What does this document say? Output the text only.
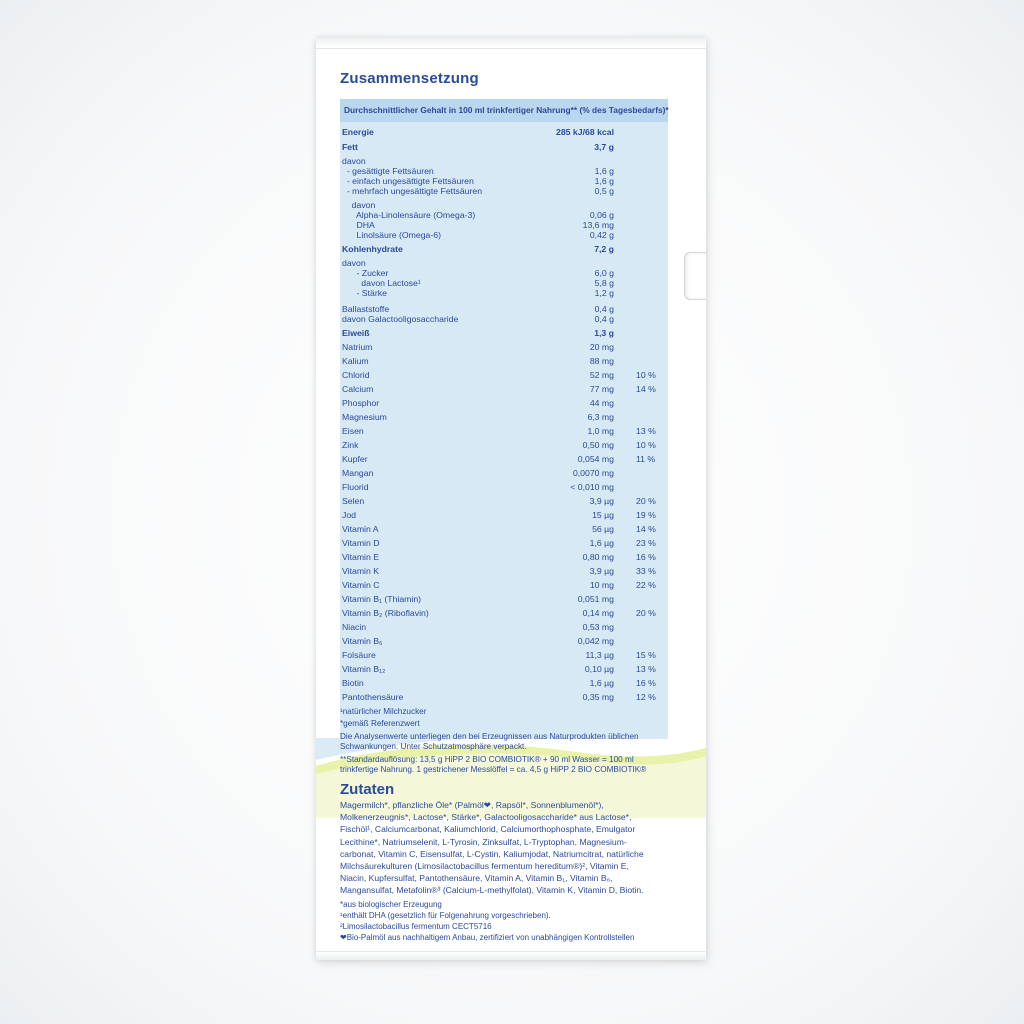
Zusammensetzung
Durchschnittlicher Gehalt in 100 ml trinkfertiger Nahrung** (% des Tagesbedarfs)*
Energie	285 kJ/68 kcal
Fett	3,7 g
davon
- gesättigte Fettsäuren	1,6 g
- einfach ungesättigte Fettsäuren	1,6 g
- mehrfach ungesättigte Fettsäuren	0,5 g
davon
Alpha-Linolensäure (Omega-3)	0,06 g
DHA	13,6 mg
Linolsäure (Omega-6)	0,42 g
Kohlenhydrate	7,2 g
davon
- Zucker	6,0 g
davon Lactose¹	5,8 g
- Stärke	1,2 g
Ballaststoffe	0,4 g
davon Galactooligosaccharide	0,4 g
Eiweiß	1,3 g
Natrium	20 mg
Kalium	88 mg
Chlorid	52 mg	10 %
Calcium	77 mg	14 %
Phosphor	44 mg
Magnesium	6,3 mg
Eisen	1,0 mg	13 %
Zink	0,50 mg	10 %
Kupfer	0,054 mg	11 %
Mangan	0,0070 mg
Fluorid	< 0,010 mg
Selen	3,9 µg	20 %
Jod	15 µg	19 %
Vitamin A	56 µg	14 %
Vitamin D	1,6 µg	23 %
Vitamin E	0,80 mg	16 %
Vitamin K	3,9 µg	33 %
Vitamin C	10 mg	22 %
Vitamin B₁ (Thiamin)	0,051 mg
Vitamin B₂ (Riboflavin)	0,14 mg	20 %
Niacin	0,53 mg
Vitamin B₆	0,042 mg
Folsäure	11,3 µg	15 %
Vitamin B₁₂	0,10 µg	13 %
Biotin	1,6 µg	16 %
Pantothensäure	0,35 mg	12 %
¹natürlicher Milchzucker
*gemäß Referenzwert
Die Analysenwerte unterliegen den bei Erzeugnissen aus Naturprodukten üblichen
Schwankungen. Unter Schutzatmosphäre verpackt.
**Standardauflösung: 13,5 g HiPP 2 BIO COMBIOTIK® + 90 ml Wasser = 100 ml
trinkfertige Nahrung. 1 gestrichener Messlöffel = ca. 4,5 g HiPP 2 BIO COMBIOTIK®
Zutaten
Magermilch*, pflanzliche Öle* (Palmöl❤, Rapsöl*, Sonnenblumenöl*),
Molkenerzeugnis*, Lactose*, Stärke*, Galactooligosaccharide* aus Lactose*,
Fischöl¹, Calciumcarbonat, Kaliumchlorid, Calciumorthophosphate, Emulgator
Lecithine*, Natriumselenit, L-Tyrosin, Zinksulfat, L-Tryptophan, Magnesium-
carbonat, Vitamin C, Eisensulfat, L-Cystin, Kaliumjodat, Natriumcitrat, natürliche
Milchsäurekulturen (Limosilactobacillus fermentum hereditum®)², Vitamin E,
Niacin, Kupfersulfat, Pantothensäure, Vitamin A, Vitamin B₁, Vitamin B₆,
Mangansulfat, Metafolin®³ (Calcium-L-methylfolat), Vitamin K, Vitamin D, Biotin.
*aus biologischer Erzeugung
¹enthält DHA (gesetzlich für Folgenahrung vorgeschrieben).
²Limosilactobacillus fermentum CECT5716
❤Bio-Palmöl aus nachhaltigem Anbau, zertifiziert von unabhängigen Kontrollstellen
